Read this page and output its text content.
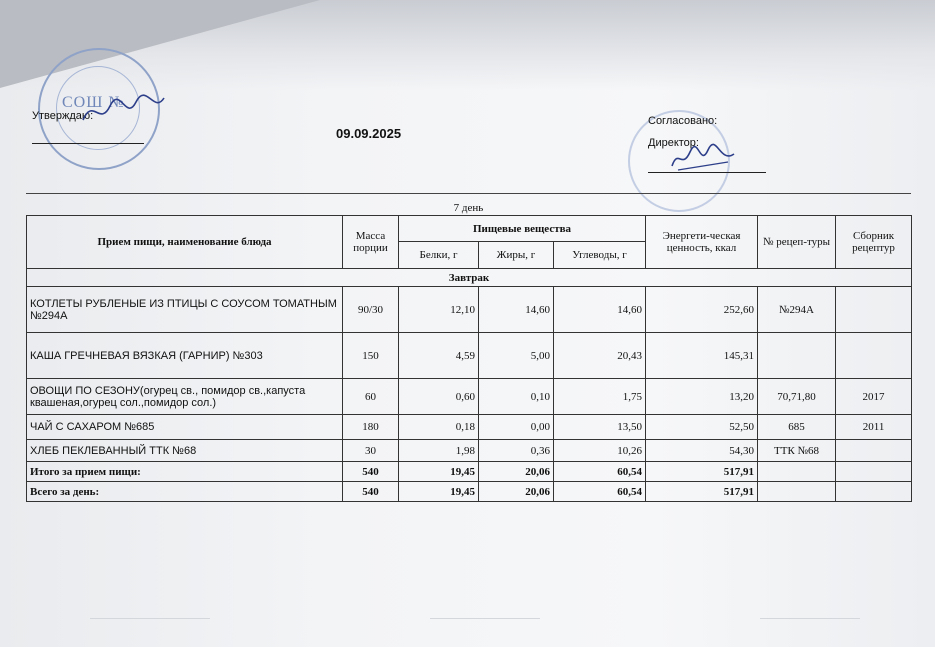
СОШ №
Утверждаю:
09.09.2025
Согласовано:
Директор:
7 день
Прием пищи, наименование блюда	Масса порции	Пищевые вещества			Энергети-ческая ценность, ккал	№ рецеп-туры	Сборник рецептур
		Белки, г	Жиры, г	Углеводы, г			
Завтрак							
КОТЛЕТЫ РУБЛЕНЫЕ ИЗ ПТИЦЫ С СОУСОМ ТОМАТНЫМ №294А	90/30	12,10	14,60	14,60	252,60	№294А	
КАША ГРЕЧНЕВАЯ ВЯЗКАЯ (ГАРНИР) №303	150	4,59	5,00	20,43	145,31		
ОВОЩИ ПО СЕЗОНУ(огурец св., помидор св.,капуста квашеная,огурец сол.,помидор сол.)	60	0,60	0,10	1,75	13,20	70,71,80	2017
ЧАЙ С САХАРОМ №685	180	0,18	0,00	13,50	52,50	685	2011
ХЛЕБ ПЕКЛЕВАННЫЙ ТТК №68	30	1,98	0,36	10,26	54,30	ТТК №68	
Итого за прием пищи:	540	19,45	20,06	60,54	517,91		
Всего за день:	540	19,45	20,06	60,54	517,91		
